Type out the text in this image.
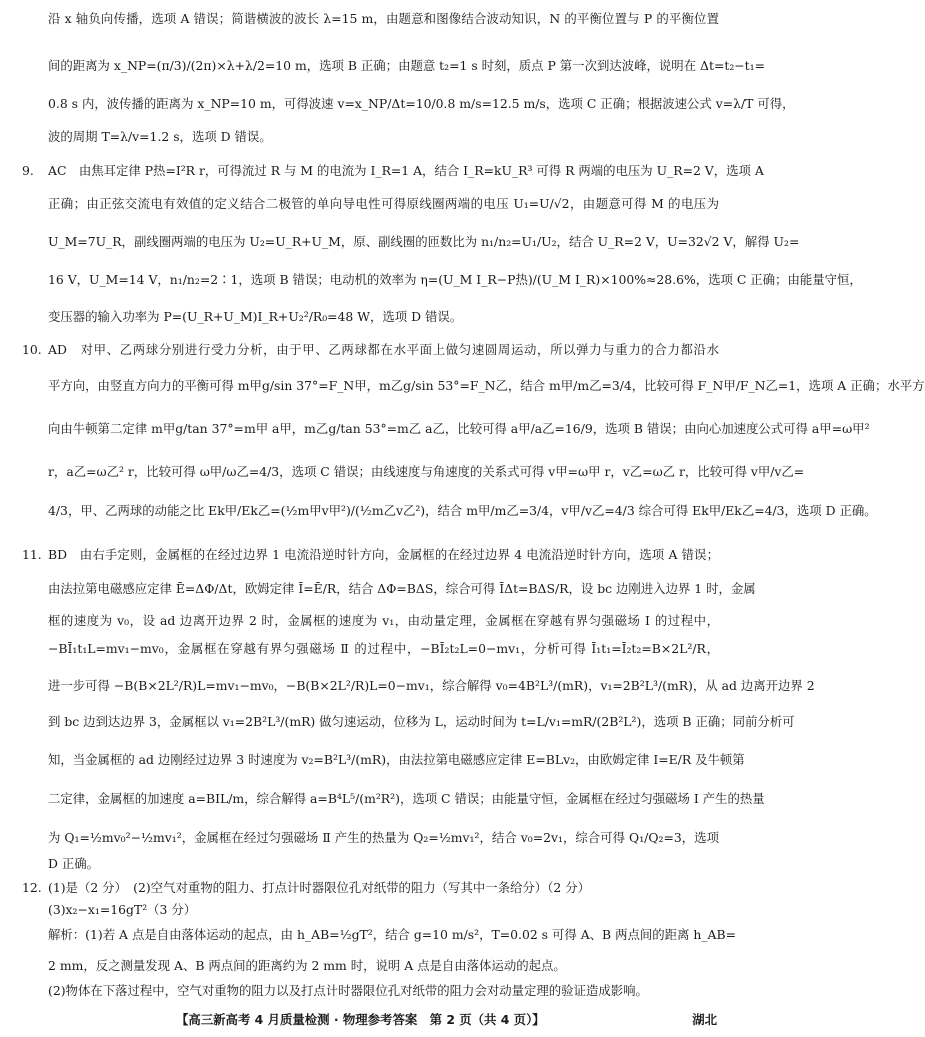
沿 x 轴负向传播，选项 A 错误；简谐横波的波长 λ=15 m，由题意和图像结合波动知识，N 的平衡位置与 P 的平衡位置
间的距离为 x_NP=(π/3)/(2π)×λ+λ/2=10 m，选项 B 正确；由题意 t₂=1 s 时刻，质点 P 第一次到达波峰，说明在 Δt=t₂−t₁=
0.8 s 内，波传播的距离为 x_NP=10 m，可得波速 v=x_NP/Δt=10/0.8 m/s=12.5 m/s，选项 C 正确；根据波速公式 v=λ/T 可得，
波的周期 T=λ/v=1.2 s，选项 D 错误。
9. AC　由焦耳定律 P热=I²R r，可得流过 R 与 M 的电流为 I_R=1 A，结合 I_R=kU_R³ 可得 R 两端的电压为 U_R=2 V，选项 A
正确；由正弦交流电有效值的定义结合二极管的单向导电性可得原线圈两端的电压 U₁=U/√2，由题意可得 M 的电压为
U_M=7U_R，副线圈两端的电压为 U₂=U_R+U_M，原、副线圈的匝数比为 n₁/n₂=U₁/U₂，结合 U_R=2 V，U=32√2 V，解得 U₂=
16 V，U_M=14 V，n₁/n₂=2∶1，选项 B 错误；电动机的效率为 η=(U_M I_R−P热)/(U_M I_R)×100%≈28.6%，选项 C 正确；由能量守恒，
变压器的输入功率为 P=(U_R+U_M)I_R+U₂²/R₀=48 W，选项 D 错误。
10. AD　对甲、乙两球分别进行受力分析，由于甲、乙两球都在水平面上做匀速圆周运动，所以弹力与重力的合力都沿水
平方向，由竖直方向力的平衡可得 m甲g/sin 37°=F_N甲，m乙g/sin 53°=F_N乙，结合 m甲/m乙=3/4，比较可得 F_N甲/F_N乙=1，选项 A 正确；水平方
向由牛顿第二定律 m甲g/tan 37°=m甲 a甲，m乙g/tan 53°=m乙 a乙，比较可得 a甲/a乙=16/9，选项 B 错误；由向心加速度公式可得 a甲=ω甲²
r，a乙=ω乙² r，比较可得 ω甲/ω乙=4/3，选项 C 错误；由线速度与角速度的关系式可得 v甲=ω甲 r，v乙=ω乙 r，比较可得 v甲/v乙=
4/3，甲、乙两球的动能之比 Ek甲/Ek乙=(½m甲v甲²)/(½m乙v乙²)，结合 m甲/m乙=3/4，v甲/v乙=4/3 综合可得 Ek甲/Ek乙=4/3，选项 D 正确。
11. BD　由右手定则，金属框的在经过边界 1 电流沿逆时针方向，金属框的在经过边界 4 电流沿逆时针方向，选项 A 错误；
由法拉第电磁感应定律 Ē=ΔΦ/Δt，欧姆定律 Ī=Ē/R，结合 ΔΦ=BΔS，综合可得 ĪΔt=BΔS/R，设 bc 边刚进入边界 1 时，金属
框的速度为 v₀，设 ad 边离开边界 2 时，金属框的速度为 v₁，由动量定理，金属框在穿越有界匀强磁场 Ⅰ 的过程中，
−BĪ₁t₁L=mv₁−mv₀，金属框在穿越有界匀强磁场 Ⅱ 的过程中，−BĪ₂t₂L=0−mv₁，分析可得 Ī₁t₁=Ī₂t₂=B×2L²/R，
进一步可得 −B(B×2L²/R)L=mv₁−mv₀，−B(B×2L²/R)L=0−mv₁，综合解得 v₀=4B²L³/(mR)，v₁=2B²L³/(mR)，从 ad 边离开边界 2
到 bc 边到达边界 3，金属框以 v₁=2B²L³/(mR) 做匀速运动，位移为 L，运动时间为 t=L/v₁=mR/(2B²L²)，选项 B 正确；同前分析可
知，当金属框的 ad 边刚经过边界 3 时速度为 v₂=B²L³/(mR)，由法拉第电磁感应定律 E=BLv₂，由欧姆定律 I=E/R 及牛顿第
二定律，金属框的加速度 a=BIL/m，综合解得 a=B⁴L⁵/(m²R²)，选项 C 错误；由能量守恒，金属框在经过匀强磁场 Ⅰ 产生的热量
为 Q₁=½mv₀²−½mv₁²，金属框在经过匀强磁场 Ⅱ 产生的热量为 Q₂=½mv₁²，结合 v₀=2v₁，综合可得 Q₁/Q₂=3，选项
D 正确。
12. (1)是（2 分）　(2)空气对重物的阻力、打点计时器限位孔对纸带的阻力（写其中一条给分）（2 分）
(3)x₂−x₁=16gT²（3 分）
解析：(1)若 A 点是自由落体运动的起点，由 h_AB=½gT²，结合 g=10 m/s²，T=0.02 s 可得 A、B 两点间的距离 h_AB=
2 mm，反之测量发现 A、B 两点间的距离约为 2 mm 时，说明 A 点是自由落体运动的起点。
(2)物体在下落过程中，空气对重物的阻力以及打点计时器限位孔对纸带的阻力会对动量定理的验证造成影响。
【高三新高考 4 月质量检测 · 物理参考答案　第 2 页（共 4 页）】	湖北
